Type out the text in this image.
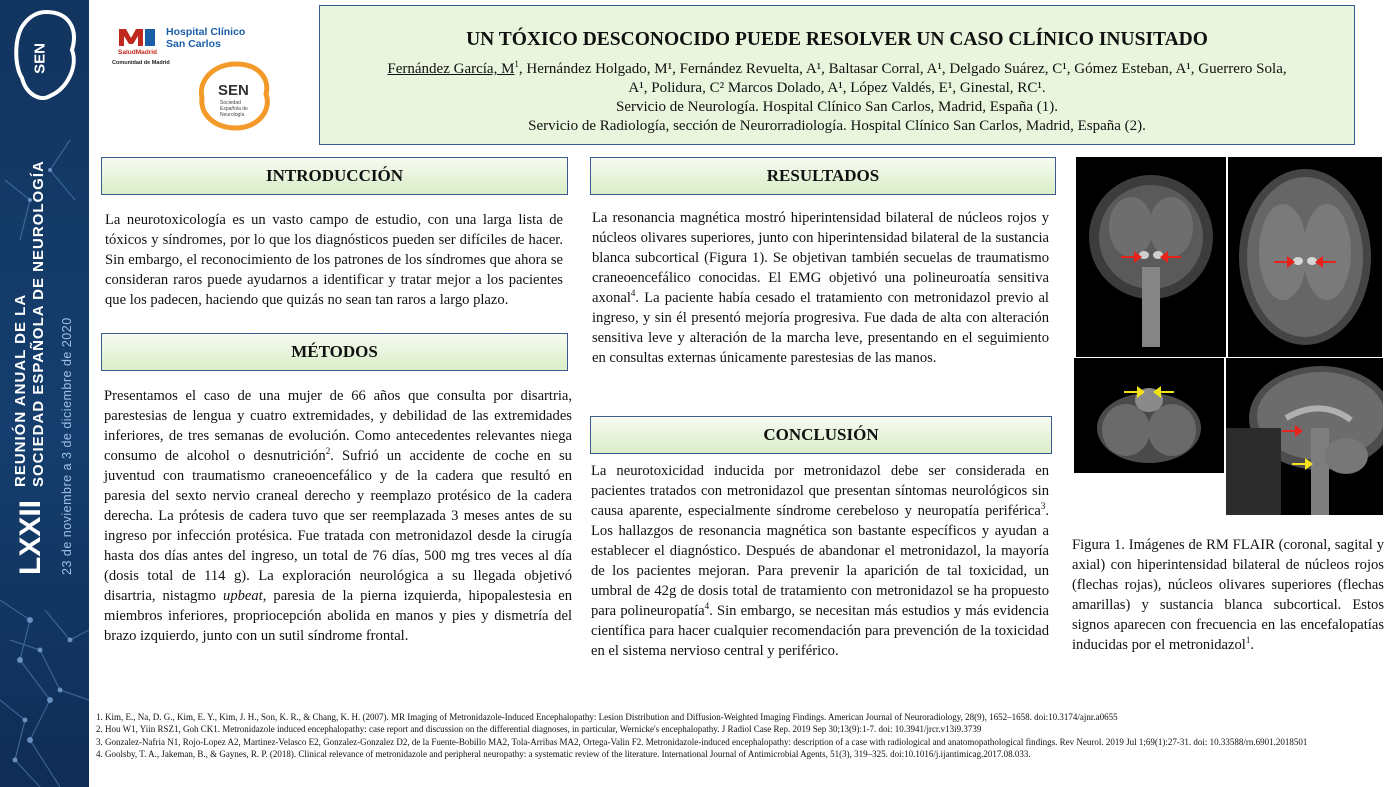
SEN
LXXII
REUNIÓN ANUAL DE LA SOCIEDAD ESPAÑOLA DE NEUROLOGÍA 23 de noviembre a 3 de diciembre de 2020
Hospital Clínico
San Carlos
SaludMadrid
Comunidad de Madrid
SEN
Sociedad Española de Neurología
UN TÓXICO DESCONOCIDO PUEDE RESOLVER UN CASO CLÍNICO INUSITADO
Fernández García, $M^1$, Hernández Holgado, M¹, Fernández Revuelta, A¹, Baltasar Corral, A¹, Delgado Suárez, C¹, Gómez Esteban, A¹, Guerrero Sola,
A¹, Polidura, C² Marcos Dolado, A¹, López Valdés, E¹, Ginestal, RC¹.
Servicio de Neurología. Hospital Clínico San Carlos, Madrid, España (1).
Servicio de Radiología, sección de Neurorradiología. Hospital Clínico San Carlos, Madrid, España (2).
INTRODUCCIÓN

La neurotoxicología es un vasto campo de estudio, con una larga lista de tóxicos y síndromes, por lo que los diagnósticos pueden ser difíciles de hacer. Sin embargo, el reconocimiento de los patrones de los síndromes que ahora se consideran raros puede ayudarnos a identificar y tratar mejor a los pacientes que los padecen, haciendo que quizás no sean tan raros a largo plazo.

MÉTODOS

Presentamos el caso de una mujer de 66 años que consulta por disartria, parestesias de lengua y cuatro extremidades, y debilidad de las extremidades inferiores, de tres semanas de evolución. Como antecedentes relevantes niega consumo de alcohol o desnutrición$^2$. Sufrió un accidente de coche en su juventud con traumatismo craneoencefálico y de la cadera que resultó en paresia del sexto nervio craneal derecho y reemplazo protésico de la cadera derecha. La prótesis de cadera tuvo que ser reemplazada 3 meses antes de su ingreso por infección protésica. Fue tratada con metronidazol desde la cirugía hasta dos días antes del ingreso, un total de 76 días, 500 mg tres veces al día (dosis total de 114 g). La exploración neurológica a su llegada objetivó disartria, nistagmo upbeat, paresia de la pierna izquierda, hipopalestesia en miembros inferiores, propriocepción abolida en manos y pies y dismetría del brazo izquierdo, junto con un sutil síndrome frontal.

RESULTADOS

La resonancia magnética mostró hiperintensidad bilateral de núcleos rojos y núcleos olivares superiores, junto con hiperintensidad bilateral de la sustancia blanca subcortical (Figura 1). Se objetivan también secuelas de traumatismo craneoencefálico conocidas. El EMG objetivó una polineuroatía sensitiva axonal$^4$. La paciente había cesado el tratamiento con metronidazol previo al ingreso, y sin él presentó mejoría progresiva. Fue dada de alta con alteración sensitiva leve y alteración de la marcha leve, presentando en el seguimiento en consultas externas únicamente parestesias de las manos.

CONCLUSIÓN

La neurotoxicidad inducida por metronidazol debe ser considerada en pacientes tratados con metronidazol que presentan síntomas neurológicos sin causa aparente, especialmente síndrome cerebeloso y neuropatía periférica$^3$. Los hallazgos de resonancia magnética son bastante específicos y ayudan a establecer el diagnóstico. Después de abandonar el metronidazol, la mayoría de los pacientes mejoran. Para prevenir la aparición de tal toxicidad, un umbral de 42g de dosis total de tratamiento con metronidazol se ha propuesto para polineuropatía$^4$. Sin embargo, se necesitan más estudios y más evidencia científica para hacer cualquier recomendación para prevención de la toxicidad en el sistema nervioso central y periférico.

Figura 1. Imágenes de RM FLAIR (coronal, sagital y axial) con hiperintensidad bilateral de núcleos rojos (flechas rojas), núcleos olivares superiores (flechas amarillas) y sustancia blanca subcortical. Estos signos aparecen con frecuencia en las encefalopatías inducidas por el metronidazol$^1$.
1. Kim, E., Na, D. G., Kim, E. Y., Kim, J. H., Son, K. R., & Chang, K. H. (2007). MR Imaging of Metronidazole-Induced Encephalopathy: Lesion Distribution and Diffusion-Weighted Imaging Findings. American Journal of Neuroradiology, 28(9), 1652–1658. doi:10.3174/ajnr.a0655
2. Hou W1, Yiin RSZ1, Goh CK1. Metronidazole induced encephalopathy: case report and discussion on the differential diagnoses, in particular, Wernicke's encephalopathy. J Radiol Case Rep. 2019 Sep 30;13(9):1-7. doi: 10.3941/jrcr.v13i9.3739
3. Gonzalez-Nafria N1, Rojo-Lopez A2, Martinez-Velasco E2, Gonzalez-Gonzalez D2, de la Fuente-Bobillo MA2, Tola-Arribas MA2, Ortega-Valin F2. Metronidazole-induced encephalopathy: description of a case with radiological and anatomopathological findings. Rev Neurol. 2019 Jul 1;69(1):27-31. doi: 10.33588/rn.6901.2018501
4. Goolsby, T. A., Jakeman, B., & Gaynes, R. P. (2018). Clinical relevance of metronidazole and peripheral neuropathy: a systematic review of the literature. International Journal of Antimicrobial Agents, 51(3), 319–325. doi:10.1016/j.ijantimicag.2017.08.033.
